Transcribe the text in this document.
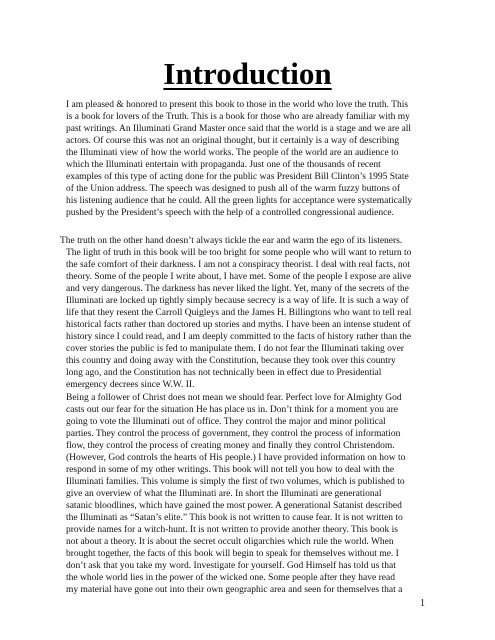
Introduction
I am pleased & honored to present this book to those in the world who love the truth. This
is a book for lovers of the Truth. This is a book for those who are already familiar with my
past writings. An Illuminati Grand Master once said that the world is a stage and we are all
actors. Of course this was not an original thought, but it certainly is a way of describing
the Illuminati view of how the world works. The people of the world are an audience to
which the Illuminati entertain with propaganda. Just one of the thousands of recent
examples of this type of acting done for the public was President Bill Clinton’s 1995 State
of the Union address. The speech was designed to push all of the warm fuzzy buttons of
his listening audience that he could. All the green lights for acceptance were systematically
pushed by the President’s speech with the help of a controlled congressional audience.
The truth on the other hand doesn’t always tickle the ear and warm the ego of its listeners.
The light of truth in this book will be too bright for some people who will want to return to
the safe comfort of their darkness. I am not a conspiracy theorist. I deal with real facts, not
theory. Some of the people I write about, I have met. Some of the people I expose are alive
and very dangerous. The darkness has never liked the light. Yet, many of the secrets of the
Illuminati are locked up tightly simply because secrecy is a way of life. It is such a way of
life that they resent the Carroll Quigleys and the James H. Billingtons who want to tell real
historical facts rather than doctored up stories and myths. I have been an intense student of
history since I could read, and I am deeply committed to the facts of history rather than the
cover stories the public is fed to manipulate them. I do not fear the Illuminati taking over
this country and doing away with the Constitution, because they took over this country
long ago, and the Constitution has not technically been in effect due to Presidential
emergency decrees since W.W. II.
Being a follower of Christ does not mean we should fear. Perfect love for Almighty God
casts out our fear for the situation He has place us in. Don’t think for a moment you are
going to vote the Illuminati out of office. They control the major and minor political
parties. They control the process of government, they control the process of information
flow, they control the process of creating money and finally they control Christendom.
(However, God controls the hearts of His people.) I have provided information on how to
respond in some of my other writings. This book will not tell you how to deal with the
Illuminati families. This volume is simply the first of two volumes, which is published to
give an overview of what the Illuminati are. In short the Illuminati are generational
satanic bloodlines, which have gained the most power. A generational Satanist described
the Illuminati as “Satan’s elite.” This book is not written to cause fear. It is not written to
provide names for a witch-hunt. It is not written to provide another theory. This book is
not about a theory. It is about the secret occult oligarchies which rule the world. When
brought together, the facts of this book will begin to speak for themselves without me. I
don’t ask that you take my word. Investigate for yourself. God Himself has told us that
the whole world lies in the power of the wicked one. Some people after they have read
my material have gone out into their own geographic area and seen for themselves that a
1
